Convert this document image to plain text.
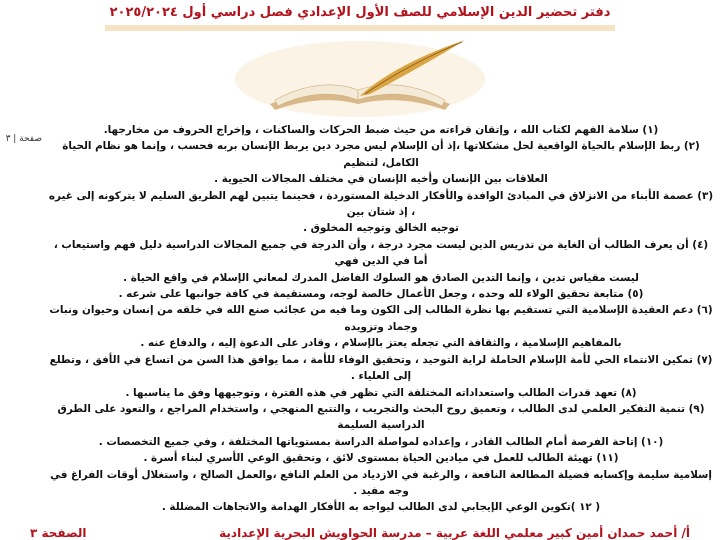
دفتر تحضير الدين الإسلامي للصف الأول الإعدادي فصل دراسي أول ٢٠٢٥/٢٠٢٤
صفحة | ٣
(١) سلامة الفهم لكتاب الله ، وإتقان قراءته من حيث ضبط الحركات والساكنات ، وإخراج الحروف من مخارجها.
(٢) ربط الإسلام بالحياة الواقعية لحل مشكلاتها ،إذ أن الإسلام ليس مجرد دين يربط الإنسان بربه فحسب ، وإنما هو نظام الحياة الكامل، لتنظيم
العلاقات بين الإنسان وأخيه الإنسان في مختلف المجالات الحيوية .
(٣) عصمة الأبناء من الانزلاق في المبادئ الوافدة والأفكار الدخيلة المستوردة ، فحينما يتبين لهم الطريق السليم لا يتركونه إلى غيره ، إذ شتان بين
توجيه الخالق وتوجيه المخلوق .
(٤) أن يعرف الطالب أن الغاية من تدريس الدين ليست مجرد درجة ، وأن الدرجة في جميع المجالات الدراسية دليل فهم واستيعاب ، أما في الدين فهي
ليست مقياس تدين ، وإنما التدين الصادق هو السلوك الفاضل المدرك لمعاني الإسلام في واقع الحياة .
(٥) متابعة تحقيق الولاء لله وحده ، وجعل الأعمال خالصة لوجه، ومستقيمة في كافة جوانبها على شرعه .
(٦) دعم العقيدة الإسلامية التي تستقيم بها نظرة الطالب إلى الكون وما فيه من عجائب صنع الله في خلقه من إنسان وحيوان ونبات وجماد وتزويده
بالمفاهيم الإسلامية ، والثقافة التي تجعله يعتز بالإسلام ، وقادر على الدعوة إليه ، والدفاع عنه .
(٧) تمكين الانتماء الحي لأمة الإسلام الحاملة لراية التوحيد ، وتحقيق الوفاء للأمة ، مما يوافق هذا السن من اتساع في الأفق ، وتطلع إلى العلياء .
(٨) تعهد قدرات الطالب واستعداداته المختلفة التي تظهر في هذه الفترة ، وتوجيهها وفق ما يناسبها .
(٩) تنمية التفكير العلمي لدى الطالب ، وتعميق روح البحث والتجريب ، والتتبع المنهجي ، واستخدام المراجع ، والتعود على الطرق الدراسية السليمة
(١٠) إتاحة الفرصة أمام الطالب القادر ، وإعداده لمواصلة الدراسة بمستوياتها المختلفة ، وفي جميع التخصصات .
(١١) تهيئة الطالب للعمل في ميادين الحياة بمستوى لائق ، وتحقيق الوعي الأسري لبناء أسرة .
إسلامية سليمة وإكسابه فضيلة المطالعة النافعة ، والرغبة في الازدياد من العلم النافع ،والعمل الصالح ، واستغلال أوقات الفراغ في وجه مفيد .
( ١٢ )تكوين الوعي الإيجابي لدى الطالب ليواجه به الأفكار الهدامة والاتجاهات المضللة .
أ/ أحمد حمدان أمين كبير معلمي اللغة عربية – مدرسة الحواويش البحرية الإعدادية
الصفحة ٣
